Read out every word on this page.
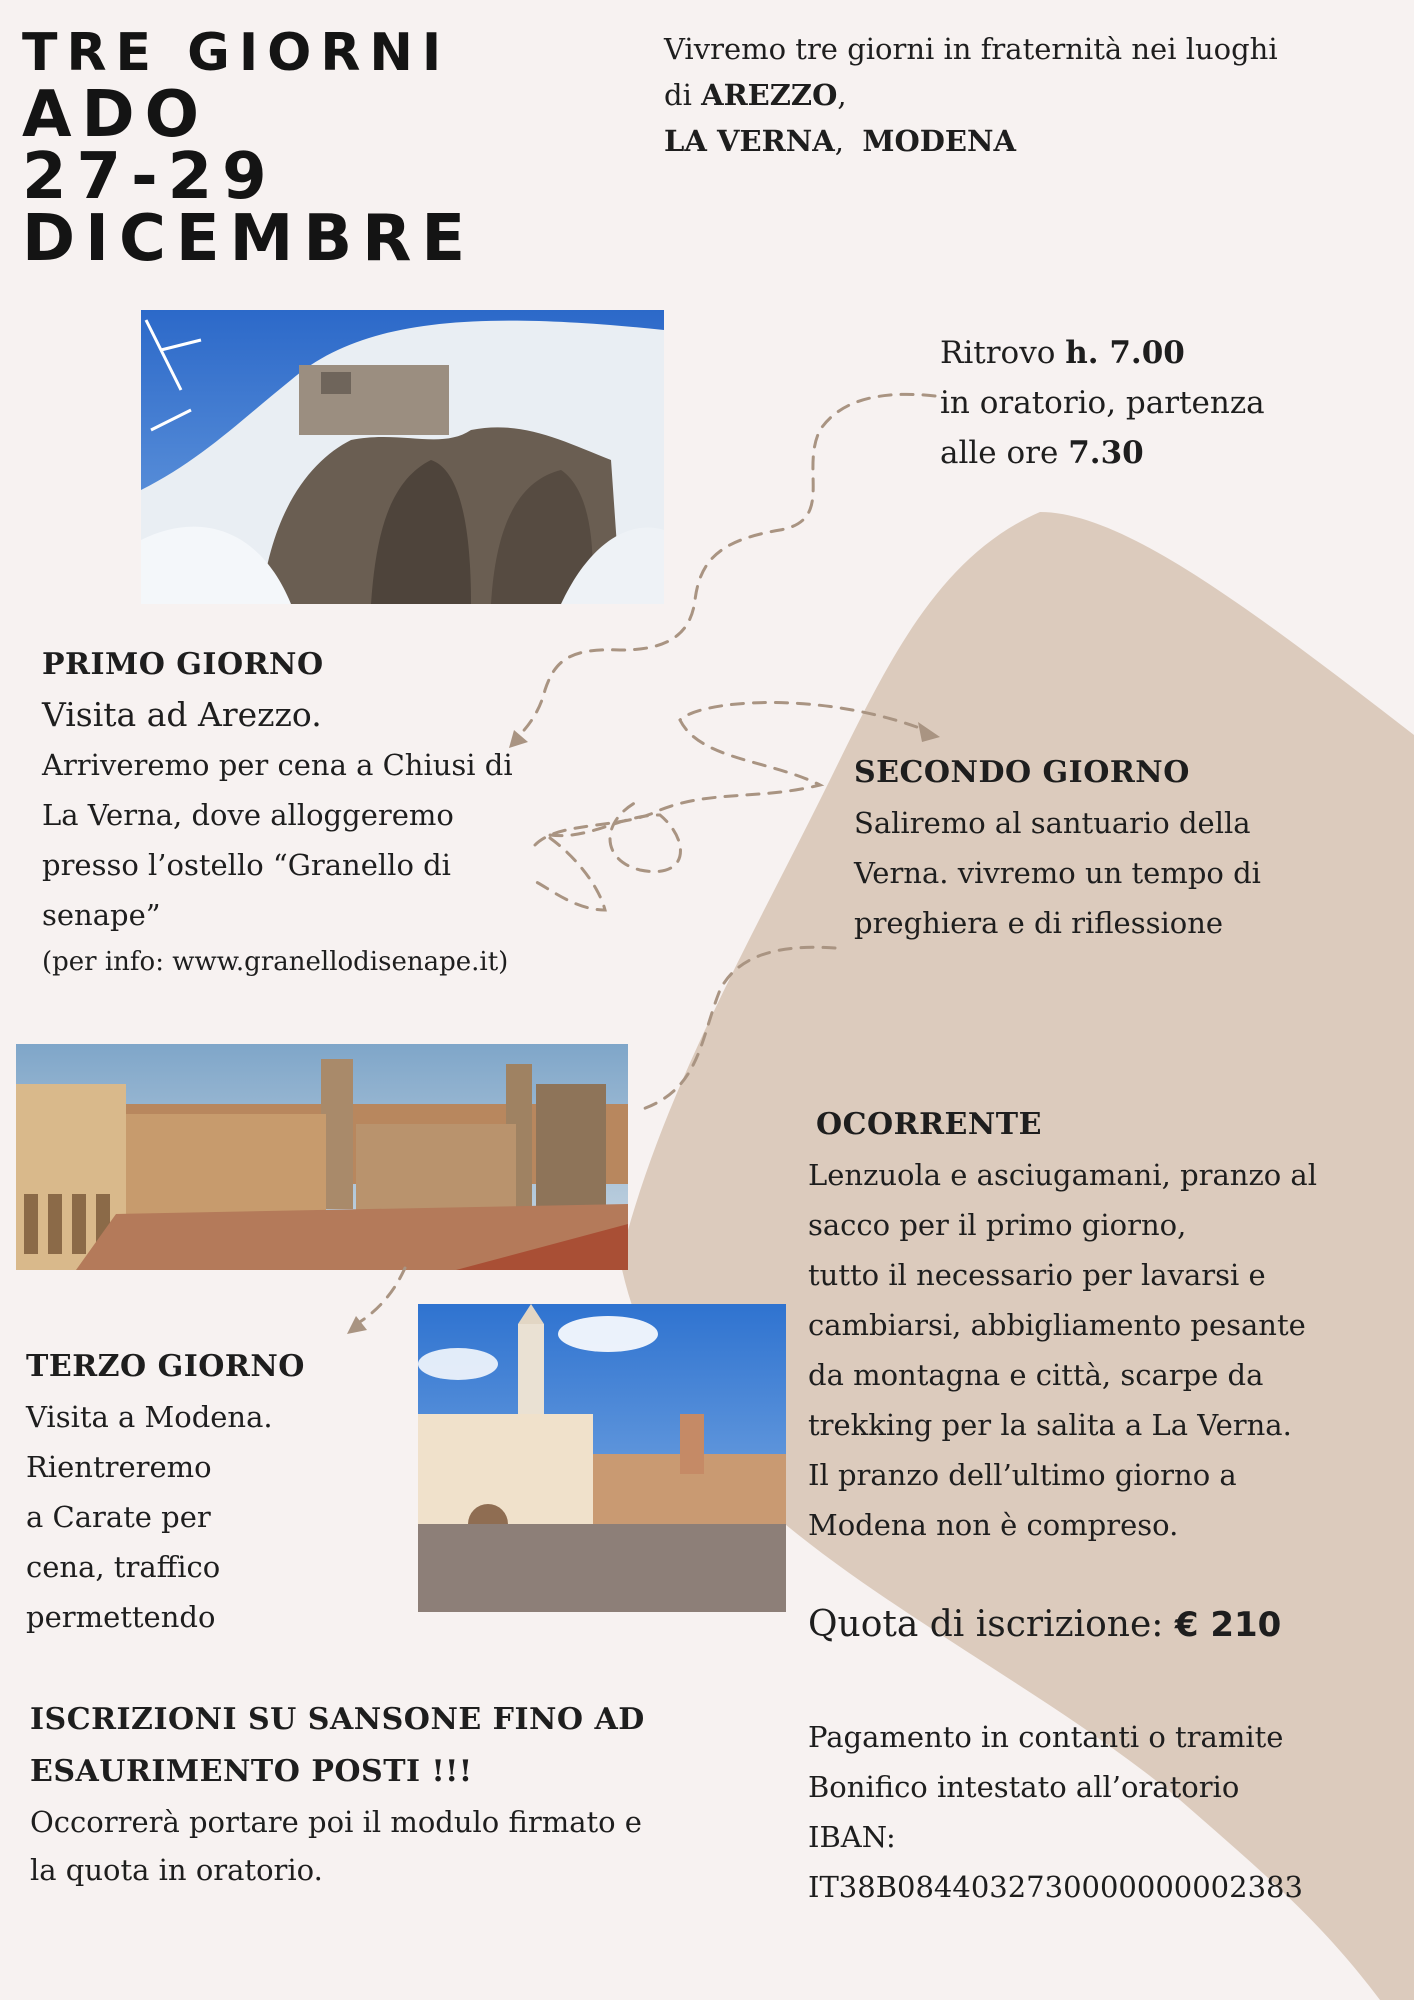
TRE GIORNI
ADO
27-29
DICEMBRE
Vivremo tre giorni in fraternità nei luoghi
di AREZZO,
LA VERNA,  MODENA
Ritrovo h. 7.00
in oratorio, partenza
alle ore 7.30
PRIMO GIORNO
Visita ad Arezzo.
Arriveremo per cena a Chiusi di
La Verna, dove alloggeremo
presso l’ostello “Granello di
senape”
(per info: www.granellodisenape.it)
SECONDO GIORNO
Saliremo al santuario della
Verna. vivremo un tempo di
preghiera e di riflessione
TERZO GIORNO
Visita a Modena.
Rientreremo
a Carate per
cena, traffico
permettendo
OCORRENTE
Lenzuola e asciugamani, pranzo al
sacco per il primo giorno,
tutto il necessario per lavarsi e
cambiarsi, abbigliamento pesante
da montagna e città, scarpe da
trekking per la salita a La Verna.
Il pranzo dell’ultimo giorno a
Modena non è compreso.
Quota di iscrizione: € 210
Pagamento in contanti o tramite
Bonifico intestato all’oratorio
IBAN:
IT38B0844032730000000002383
ISCRIZIONI SU SANSONE FINO AD
ESAURIMENTO POSTI !!!
Occorrerà portare poi il modulo firmato e
la quota in oratorio.
